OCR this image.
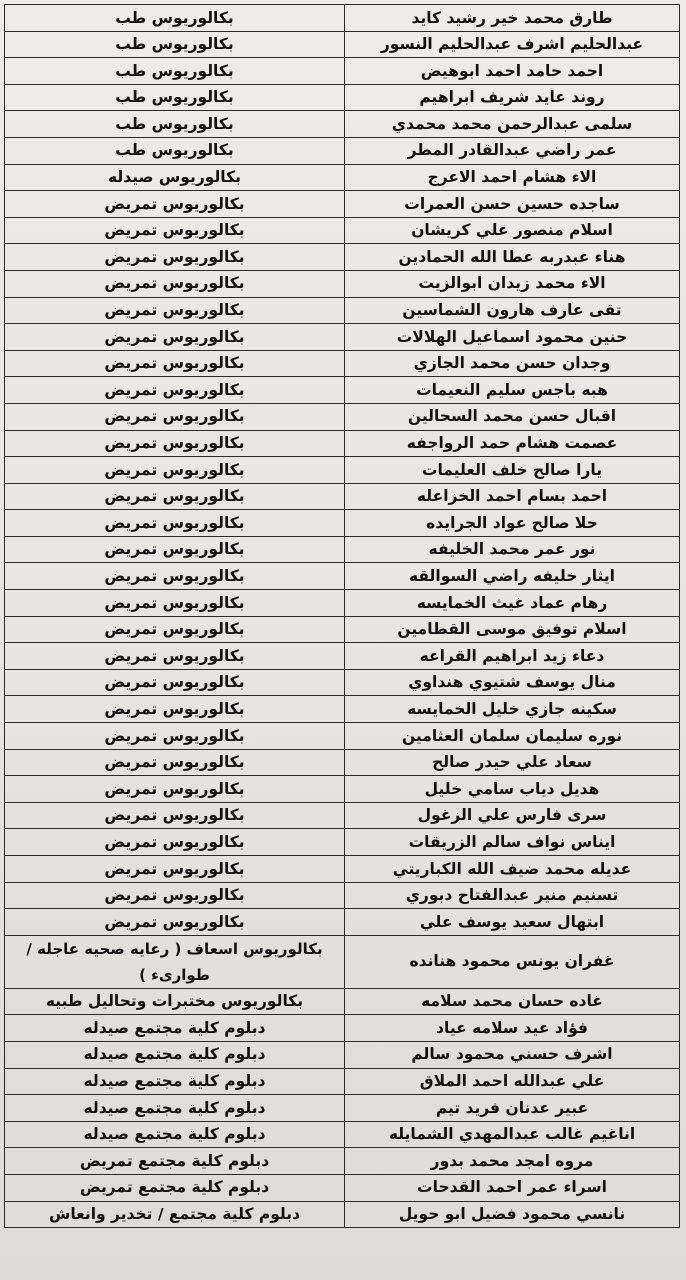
طارق محمد خير رشيد كايد	بكالوريوس طب
عبدالحليم اشرف عبدالحليم النسور	بكالوريوس طب
احمد حامد احمد ابوهيض	بكالوريوس طب
روند عايد شريف ابراهيم	بكالوريوس طب
سلمى عبدالرحمن محمد محمدي	بكالوريوس طب
عمر راضي عبدالقادر المطر	بكالوريوس طب
الاء هشام احمد الاعرج	بكالوريوس صيدله
ساجده حسين حسن العمرات	بكالوريوس تمريض
اسلام منصور علي كريشان	بكالوريوس تمريض
هناء عبدربه عطا الله الحمادين	بكالوريوس تمريض
الاء محمد زيدان ابوالزيت	بكالوريوس تمريض
تقى عارف هارون الشماسين	بكالوريوس تمريض
حنين محمود اسماعيل الهلالات	بكالوريوس تمريض
وجدان حسن محمد الجازي	بكالوريوس تمريض
هبه باجس سليم النعيمات	بكالوريوس تمريض
اقبال حسن محمد السحالين	بكالوريوس تمريض
عصمت هشام حمد الرواجفه	بكالوريوس تمريض
يارا صالح خلف العليمات	بكالوريوس تمريض
احمد بسام احمد الخزاعله	بكالوريوس تمريض
حلا صالح عواد الجرايده	بكالوريوس تمريض
نور عمر محمد الخليفه	بكالوريوس تمريض
ايثار خليفه راضي السوالقه	بكالوريوس تمريض
رهام عماد غيث الخمايسه	بكالوريوس تمريض
اسلام توفيق موسى القطامين	بكالوريوس تمريض
دعاء زيد ابراهيم القراعه	بكالوريوس تمريض
منال يوسف شتيوي هنداوي	بكالوريوس تمريض
سكينه جازي خليل الخمايسه	بكالوريوس تمريض
نوره سليمان سلمان العثامين	بكالوريوس تمريض
سعاد علي حيدر صالح	بكالوريوس تمريض
هديل دياب سامي خليل	بكالوريوس تمريض
سرى فارس علي الزغول	بكالوريوس تمريض
ايناس نواف سالم الزريقات	بكالوريوس تمريض
عديله محمد ضيف الله الكباريتي	بكالوريوس تمريض
تسنيم منير عبدالفتاح دبوري	بكالوريوس تمريض
ابتهال سعيد يوسف علي	بكالوريوس تمريض
غفران يونس محمود هنانده	بكالوريوس اسعاف ( رعايه صحيه عاجله / طوارىء )
غاده حسان محمد سلامه	بكالوريوس مختبرات وتحاليل طبيه
فؤاد عيد سلامه عياد	دبلوم كلية مجتمع صيدله
اشرف حسني محمود سالم	دبلوم كلية مجتمع صيدله
علي عبدالله احمد الملاق	دبلوم كلية مجتمع صيدله
عبير عدنان فريد تيم	دبلوم كلية مجتمع صيدله
اناغيم غالب عبدالمهدي الشمايله	دبلوم كلية مجتمع صيدله
مروه امجد محمد بدور	دبلوم كلية مجتمع تمريض
اسراء عمر احمد القدحات	دبلوم كلية مجتمع تمريض
نانسي محمود فضيل ابو حويل	دبلوم كلية مجتمع / تخدير وانعاش
